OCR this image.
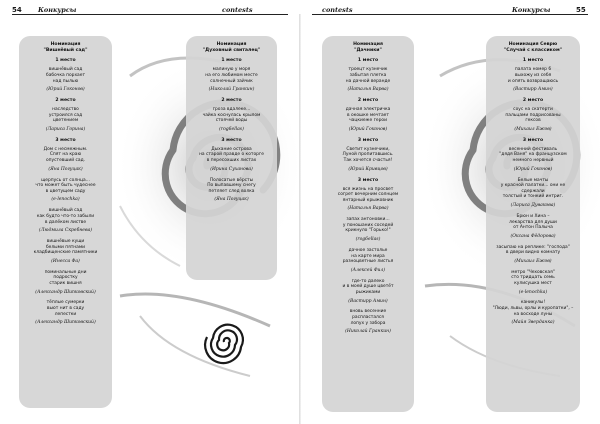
54	Конкурсы	contests
Номинация
"Вишнёвый сад"
1 место
вишнёвый сад
бабочка порхает
над пылью
(Юрий Гоконов)
2 место
наследство
устроился сад
цветением
(Лариса Горина)
3 место
Дом с несмежным.
Спят на краю
опустевший сад.
(Яна Погуцак)
щерпусь от солнца...
что может быть чудеснее
в цветущем саду
(e-lenochka)
вишнёвый сад
как будто что-то забыли
в далёком листве
(Людмила Скребнева)
вишнёвые кущи
белыми пятнами
кладбищенские памятники
(Инесса Фа)
поминальные дни
подростку
старик вишня
(Александр Шипковский)
тёплые сумерки
вьют нит в саду
лепестки
(Александр Шипковский)
Номинация
"Духовный свиталец"
1 место
малиную у моря
на его любимом месте
солнечный зайчик
(Николай Гранкин)
2 место
гроза вдалеке...
чайка коснулась крылом
стоячей воды
(rog6ellas)
3 место
Дыхание острова
на старой правде о которге
в пересохших листах
(Ирина Суханова)
Полосатые вёрсты
По выпавшему снегу
петляет след волка
(Яна Погуцак)
contests	Конкурсы	55
Номинация
"Дачники"
1 место
троецт кузнечик
забытая плетка
на дачной веранде
(Наталья Варва)
2 место
дачная электричка
в окошке мечтает
чацкиеже герои
(Юрий Гоконов)
3 место
Светит кузнечики,
Луной пропитавшись.
Так хочется счастья!
(Юрий Кривцов)
3 место
вся жизнь на просвет
согрет вечерним солнцем
янтарный крыжовник
(Наталья Варва)
запах антоновки...
у поношаних соседей
крикнуло "Горько!"
(rog6ellas)
дачное застолье
на карте мира
разноцветные листья
(Алексей Фил)
где-то далеко
и в моей душе цветёт
рыжиками
(Вастирр Амин)
вновь весенние
распластался
лопух у забора
(Николай Гранкин)
Номинация Севрю
"Случай с классиком"
1 место
палата номер 6
выхожу из себя
и опять возвращаюсь
(Вастирр Амин)
2 место
соус на скатерти
пальцами подрисованы
гексов
(Михаил Ежов)
3 место
весенний фестиваль
"дядя Ваня" на французском
немного нервный
(Юрий Гоконов)
Белые мачты
у красной палатки... они не сдержали
толстый и тонкий интриг.
(Лариса Дувакова)
Брюн и Хина –
лекарства для души
от Антон Палыча
(Оксана Фёдорова)
засыпаю на реплике: "господа"
в двери видно комнату
(Михаил Ежов)
метро "Чеховская"
сто тридцать семь
кулисушка мест
(e-lenochka)
каникулы!
"Люди, львы, орлы и куропатки", –
на восходе луны
(Майя Зверданка)
